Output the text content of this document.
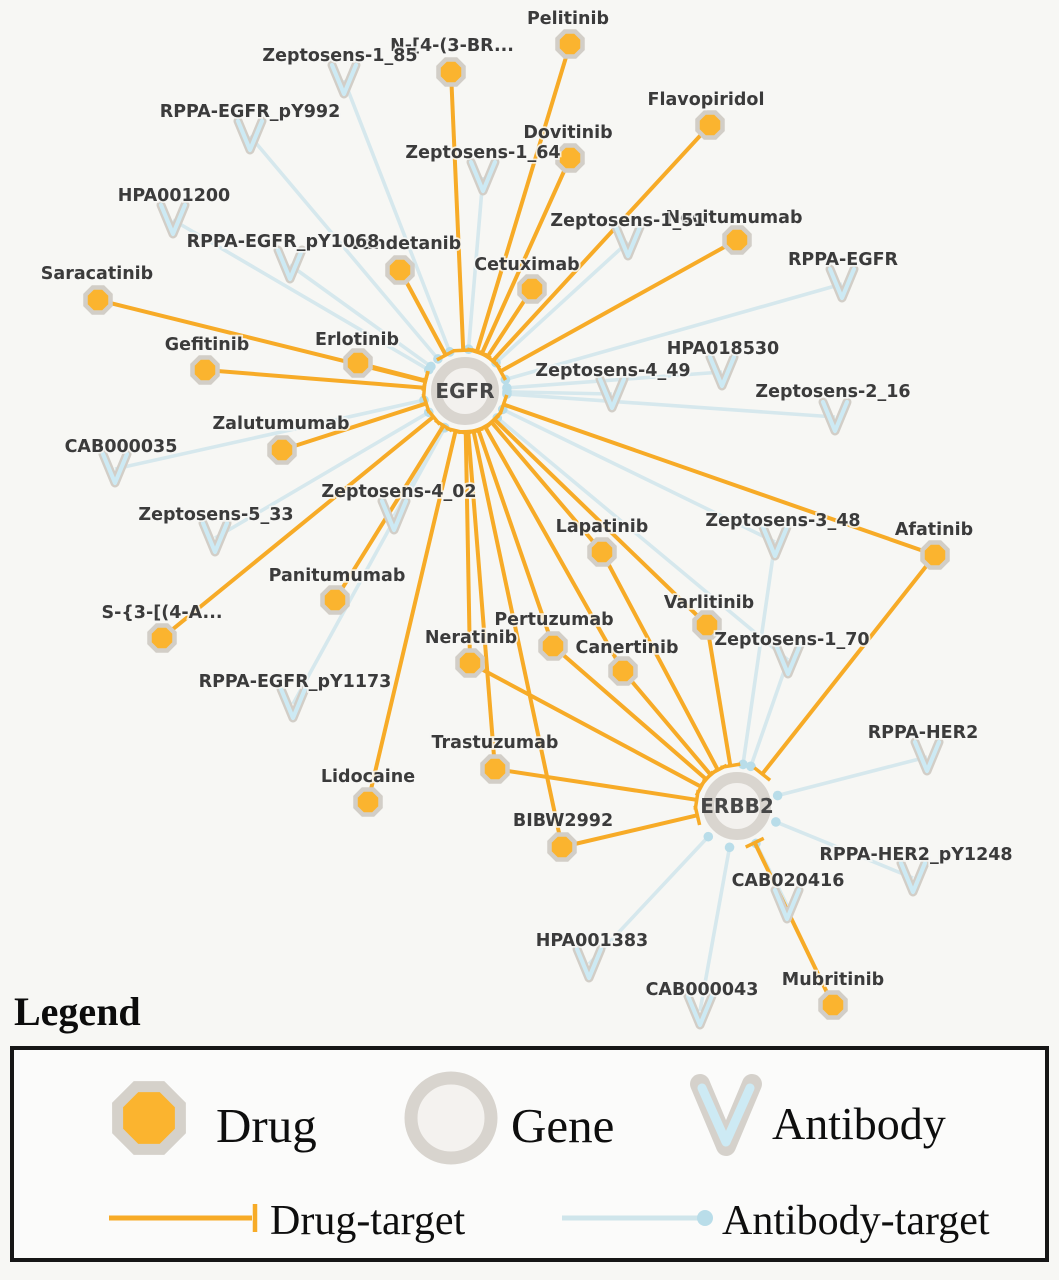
EGFR
ERBB2
Pelitinib
N-[4-(3-BR...
Flavopiridol
Dovitinib
Vandetanib
Necitumumab
Cetuximab
Saracatinib
Gefitinib	Erlotinib
Zalutumumab
Panitumumab
S-{3-[(4-A...
Lapatinib	Afatinib
Varlitinib
Pertuzumab
Neratinib	Canertinib
Trastuzumab
Lidocaine
BIBW2992
Mubritinib
Zeptosens-1_85
RPPA-EGFR_pY992
HPA001200
RPPA-EGFR_pY1068
Zeptosens-1_64
Zeptosens-1_51
RPPA-EGFR
Zeptosens-4_49
HPA018530
Zeptosens-2_16
CAB000035
Zeptosens-5_33
Zeptosens-4_02
RPPA-EGFR_pY1173
Zeptosens-3_48
Zeptosens-1_70
RPPA-HER2
RPPA-HER2_pY1248
CAB020416
HPA001383
CAB000043
Legend
Drug	Gene	Antibody
Drug-target	Antibody-target
